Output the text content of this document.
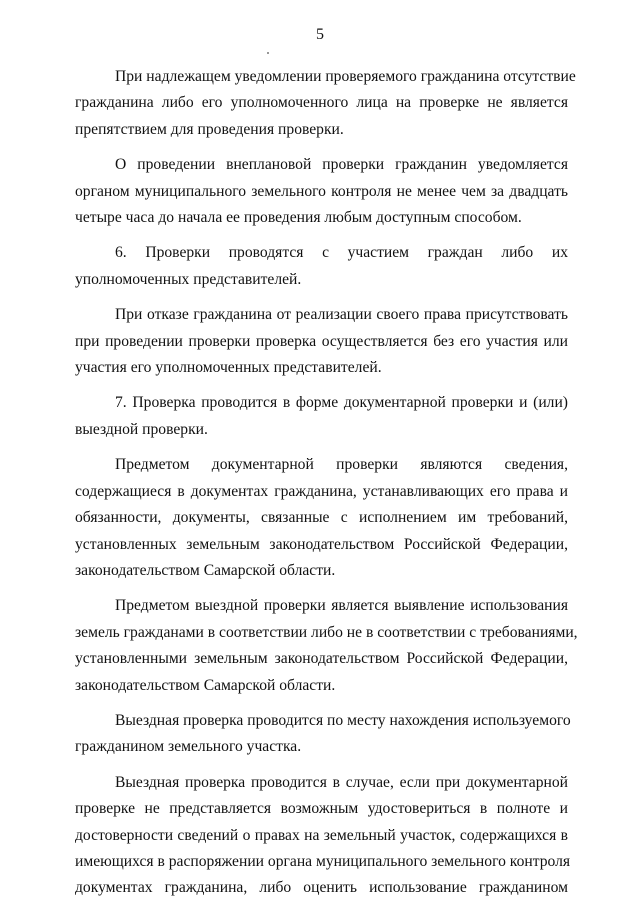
5

При надлежащем уведомлении проверяемого гражданина отсутствие
гражданина либо его уполномоченного лица на проверке не является
препятствием для проведения проверки.

О проведении внеплановой проверки гражданин уведомляется
органом муниципального земельного контроля не менее чем за двадцать
четыре часа до начала ее проведения любым доступным способом.

6. Проверки проводятся с участием граждан либо их
уполномоченных представителей.

При отказе гражданина от реализации своего права присутствовать
при проведении проверки проверка осуществляется без его участия или
участия его уполномоченных представителей.

7. Проверка проводится в форме документарной проверки и (или)
выездной проверки.

Предметом документарной проверки являются сведения,
содержащиеся в документах гражданина, устанавливающих его права и
обязанности, документы, связанные с исполнением им требований,
установленных земельным законодательством Российской Федерации,
законодательством Самарской области.

Предметом выездной проверки является выявление использования
земель гражданами в соответствии либо не в соответствии с требованиями,
установленными земельным законодательством Российской Федерации,
законодательством Самарской области.

Выездная проверка проводится по месту нахождения используемого
гражданином земельного участка.

Выездная проверка проводится в случае, если при документарной
проверке не представляется возможным удостовериться в полноте и
достоверности сведений о правах на земельный участок, содержащихся в
имеющихся в распоряжении органа муниципального земельного контроля
документах гражданина, либо оценить использование гражданином
